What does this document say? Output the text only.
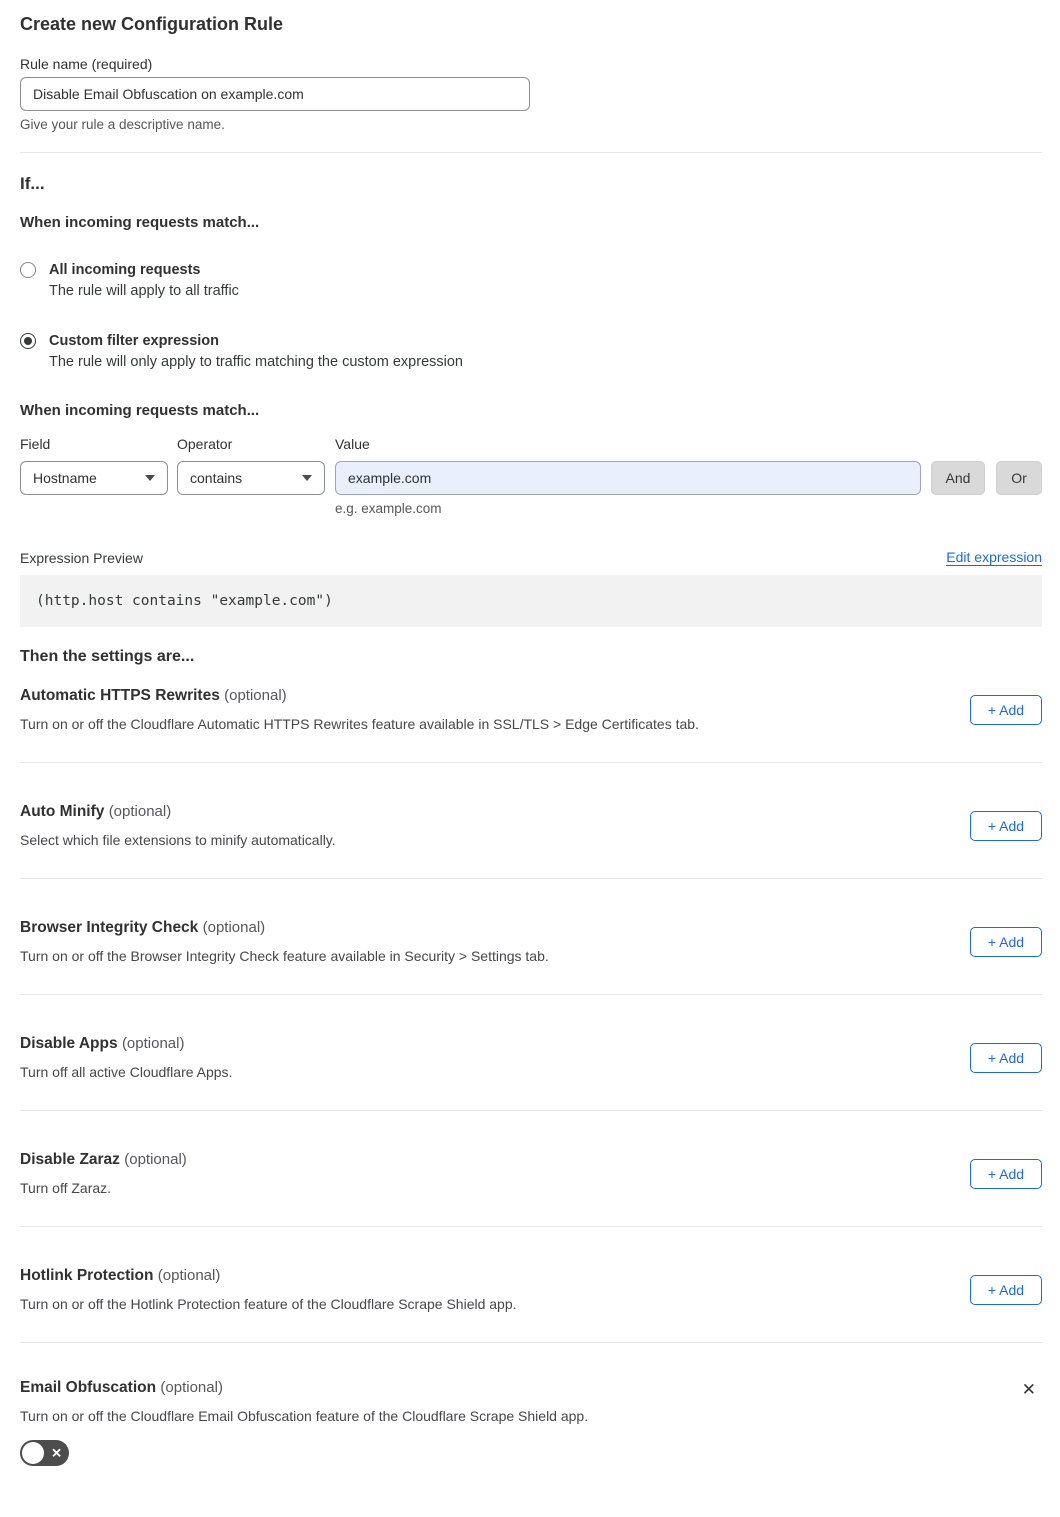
Create new Configuration Rule
Rule name (required)
Disable Email Obfuscation on example.com
Give your rule a descriptive name.
If...
When incoming requests match...
All incoming requests
The rule will apply to all traffic
Custom filter expression
The rule will only apply to traffic matching the custom expression
When incoming requests match...
Field
Hostname
Operator
contains
Value
example.com
e.g. example.com
And	Or
Expression Preview	Edit expression
(http.host contains "example.com")
Then the settings are...
Automatic HTTPS Rewrites (optional)

Turn on or off the Cloudflare Automatic HTTPS Rewrites feature available in SSL/TLS > Edge Certificates tab.

+ Add
Auto Minify (optional)

Select which file extensions to minify automatically.

+ Add
Browser Integrity Check (optional)

Turn on or off the Browser Integrity Check feature available in Security > Settings tab.

+ Add
Disable Apps (optional)

Turn off all active Cloudflare Apps.

+ Add
Disable Zaraz (optional)

Turn off Zaraz.

+ Add
Hotlink Protection (optional)

Turn on or off the Hotlink Protection feature of the Cloudflare Scrape Shield app.

+ Add
Email Obfuscation (optional)

Turn on or off the Cloudflare Email Obfuscation feature of the Cloudflare Scrape Shield app.

✕
✕
